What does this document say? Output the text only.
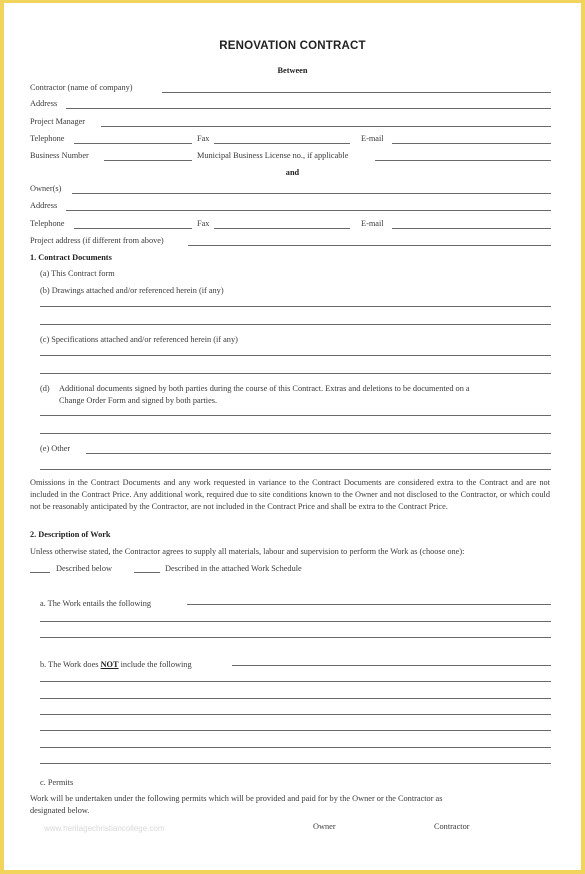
RENOVATION CONTRACT
Between
Contractor (name of company)
Address
Project Manager
Telephone	Fax	E-mail
Business Number	Municipal Business License no., if applicable
and
Owner(s)
Address
Telephone	Fax	E-mail
Project address (if different from above)
1. Contract Documents
(a) This Contract form
(b) Drawings attached and/or referenced herein (if any)
(c) Specifications attached and/or referenced herein (if any)
(d) Additional documents signed by both parties during the course of this Contract. Extras and deletions to be documented on a
Change Order Form and signed by both parties.
(e) Other
Omissions in the Contract Documents and any work requested in variance to the Contract Documents are considered extra to the Contract and are not included in the Contract Price. Any additional work, required due to site conditions known to the Owner and not disclosed to the Contractor, or which could not be reasonably anticipated by the Contractor, are not included in the Contract Price and shall be extra to the Contract Price.
2. Description of Work
Unless otherwise stated, the Contractor agrees to supply all materials, labour and supervision to perform the Work as (choose one):
Described below	Described in the attached Work Schedule
a. The Work entails the following
b. The Work does NOT include the following
c. Permits
Work will be undertaken under the following permits which will be provided and paid for by the Owner or the Contractor as
designated below.
www.heritagechristiancollege.com	Owner	Contractor
